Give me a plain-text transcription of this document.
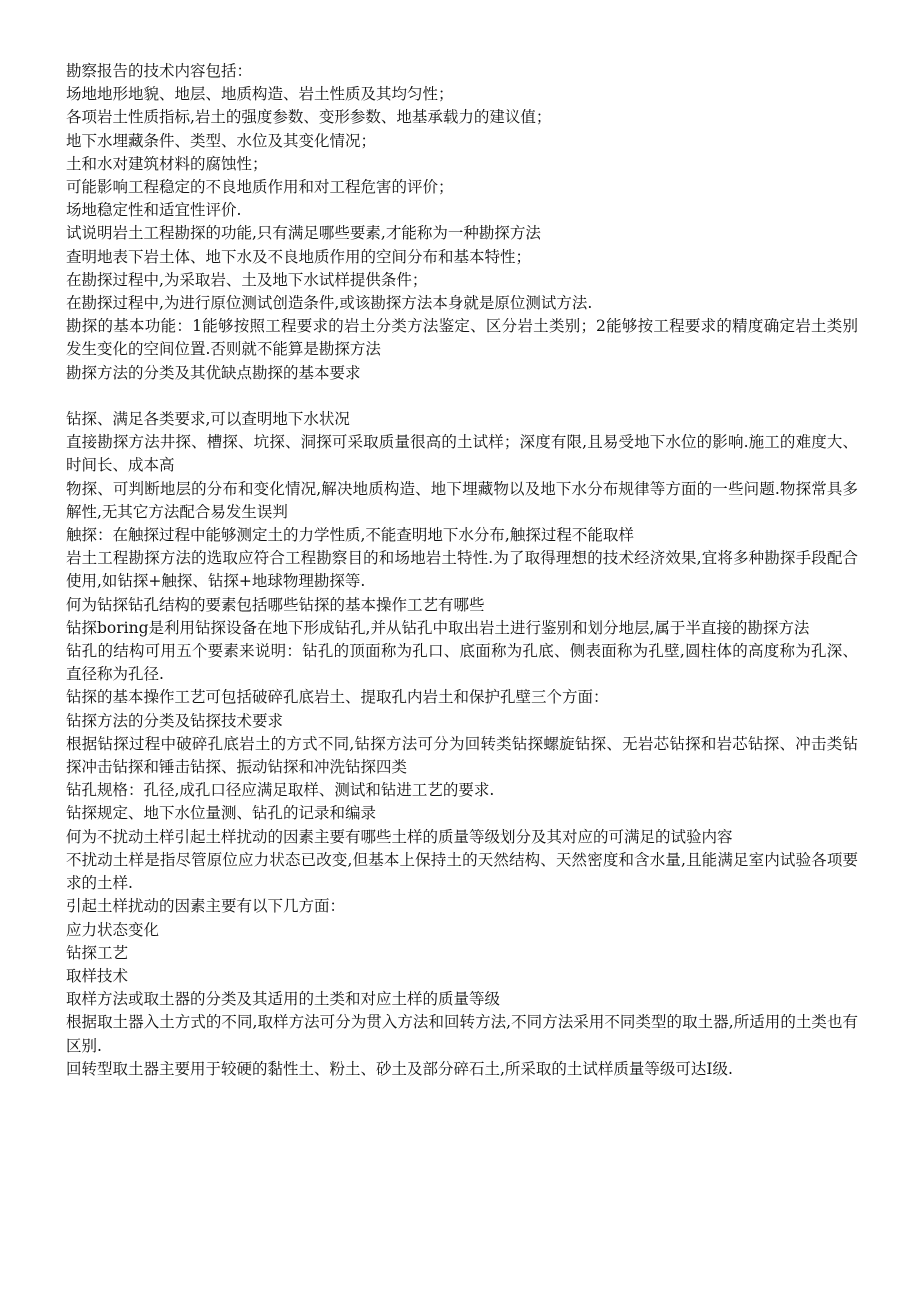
勘察报告的技术内容包括：

场地地形地貌、地层、地质构造、岩土性质及其均匀性；

各项岩土性质指标,岩土的强度参数、变形参数、地基承载力的建议值；

地下水埋藏条件、类型、水位及其变化情况；

土和水对建筑材料的腐蚀性；

可能影响工程稳定的不良地质作用和对工程危害的评价；

场地稳定性和适宜性评价.

试说明岩土工程勘探的功能,只有满足哪些要素,才能称为一种勘探方法

查明地表下岩土体、地下水及不良地质作用的空间分布和基本特性；

在勘探过程中,为采取岩、土及地下水试样提供条件；

在勘探过程中,为进行原位测试创造条件,或该勘探方法本身就是原位测试方法.

勘探的基本功能：1能够按照工程要求的岩土分类方法鉴定、区分岩土类别；2能够按工程要求的精度确定岩土类别发生变化的空间位置.否则就不能算是勘探方法

勘探方法的分类及其优缺点勘探的基本要求

钻探、满足各类要求,可以查明地下水状况

直接勘探方法井探、槽探、坑探、洞探可采取质量很高的土试样；深度有限,且易受地下水位的影响.施工的难度大、时间长、成本高

物探、可判断地层的分布和变化情况,解决地质构造、地下埋藏物以及地下水分布规律等方面的一些问题.物探常具多解性,无其它方法配合易发生误判

触探：在触探过程中能够测定土的力学性质,不能查明地下水分布,触探过程不能取样

岩土工程勘探方法的选取应符合工程勘察目的和场地岩土特性.为了取得理想的技术经济效果,宜将多种勘探手段配合使用,如钻探+触探、钻探+地球物理勘探等.

何为钻探钻孔结构的要素包括哪些钻探的基本操作工艺有哪些

钻探boring是利用钻探设备在地下形成钻孔,并从钻孔中取出岩土进行鉴别和划分地层,属于半直接的勘探方法

钻孔的结构可用五个要素来说明：钻孔的顶面称为孔口、底面称为孔底、侧表面称为孔壁,圆柱体的高度称为孔深、直径称为孔径.

钻探的基本操作工艺可包括破碎孔底岩土、提取孔内岩土和保护孔壁三个方面：

钻探方法的分类及钻探技术要求

根据钻探过程中破碎孔底岩土的方式不同,钻探方法可分为回转类钻探螺旋钻探、无岩芯钻探和岩芯钻探、冲击类钻探冲击钻探和锤击钻探、振动钻探和冲洗钻探四类

钻孔规格：孔径,成孔口径应满足取样、测试和钻进工艺的要求.

钻探规定、地下水位量测、钻孔的记录和编录

何为不扰动土样引起土样扰动的因素主要有哪些土样的质量等级划分及其对应的可满足的试验内容

不扰动土样是指尽管原位应力状态已改变,但基本上保持土的天然结构、天然密度和含水量,且能满足室内试验各项要求的土样.

引起土样扰动的因素主要有以下几方面：

应力状态变化

钻探工艺

取样技术

取样方法或取土器的分类及其适用的土类和对应土样的质量等级

根据取土器入土方式的不同,取样方法可分为贯入方法和回转方法,不同方法采用不同类型的取土器,所适用的土类也有区别.

回转型取土器主要用于较硬的黏性土、粉土、砂土及部分碎石土,所采取的土试样质量等级可达Ⅰ级.
